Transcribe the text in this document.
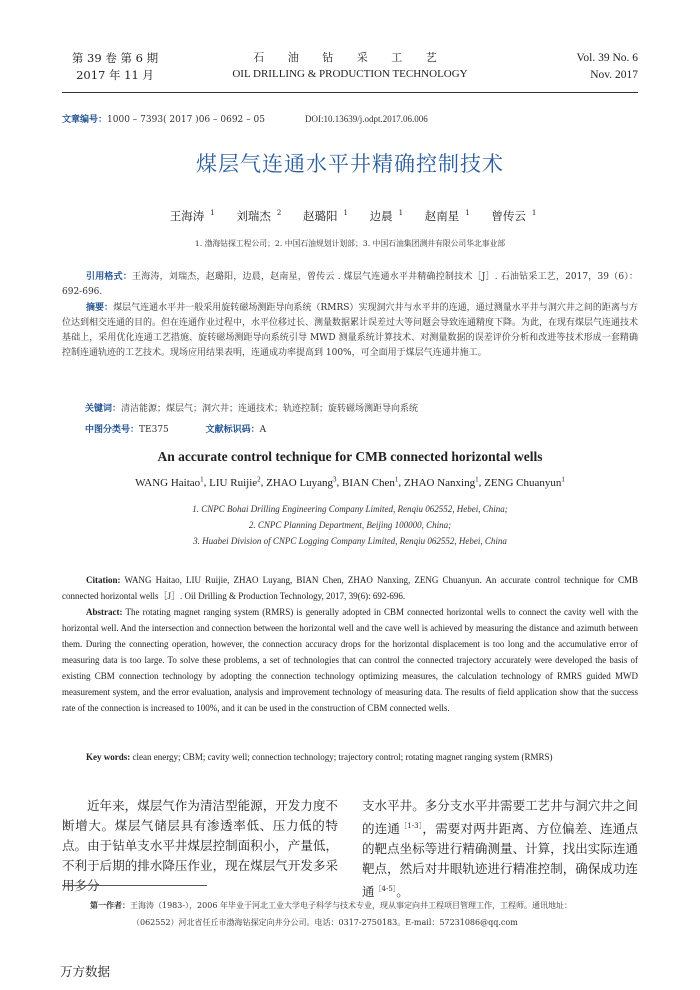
第 39 卷 第 6 期
2017 年 11 月
石 油 钻 采 工 艺
OIL DRILLING & PRODUCTION TECHNOLOGY
Vol. 39 No. 6
Nov. 2017
文章编号：1000 – 7393( 2017 )06 – 0692 – 05	DOI:10.13639/j.odpt.2017.06.006
煤层气连通水平井精确控制技术
王海涛 $^1$ 刘瑞杰 $^2$ 赵璐阳 $^1$ 边晨 $^1$ 赵南星 $^1$ 曾传云 $^1$
1. 渤海钻探工程公司；2. 中国石油规划计划部；3. 中国石油集团测井有限公司华北事业部
引用格式：王海涛，刘瑞杰，赵璐阳，边晨，赵南星，曾传云 . 煤层气连通水平井精确控制技术［J］. 石油钻采工艺，2017，39（6）：692-696.
摘要：煤层气连通水平井一般采用旋转磁场测距导向系统（RMRS）实现洞穴井与水平井的连通，通过测量水平井与洞穴井之间的距离与方位达到相交连通的目的。但在连通作业过程中，水平位移过长、测量数据累计误差过大等问题会导致连通精度下降。为此，在现有煤层气连通技术基础上，采用优化连通工艺措施、旋转磁场测距导向系统引导 MWD 测量系统计算技术、对测量数据的误差评价分析和改进等技术形成一套精确控制连通轨迹的工艺技术。现场应用结果表明，连通成功率提高到 100%，可全面用于煤层气连通井施工。
关键词：清洁能源；煤层气；洞穴井；连通技术；轨迹控制；旋转磁场测距导向系统
中图分类号：TE375	文献标识码：A
An accurate control technique for CMB connected horizontal wells
WANG Haitao$^1$, LIU Ruijie$^2$, ZHAO Luyang$^3$, BIAN Chen$^1$, ZHAO Nanxing$^1$, ZENG Chuanyun$^1$
1. CNPC Bohai Drilling Engineering Company Limited, Renqiu 062552, Hebei, China;
2. CNPC Planning Department, Beijing 100000, China;
3. Huabei Division of CNPC Logging Company Limited, Renqiu 062552, Hebei, China
Citation: WANG Haitao, LIU Ruijie, ZHAO Luyang, BIAN Chen, ZHAO Nanxing, ZENG Chuanyun. An accurate control technique for CMB connected horizontal wells［J］. Oil Drilling & Production Technology, 2017, 39(6): 692-696.
Abstract: The rotating magnet ranging system (RMRS) is generally adopted in CBM connected horizontal wells to connect the cavity well with the horizontal well. And the intersection and connection between the horizontal well and the cave well is achieved by measuring the distance and azimuth between them. During the connecting operation, however, the connection accuracy drops for the horizontal displacement is too long and the accumulative error of measuring data is too large. To solve these problems, a set of technologies that can control the connected trajectory accurately were developed the basis of existing CBM connection technology by adopting the connection technology optimizing measures, the calculation technology of RMRS guided MWD measurement system, and the error evaluation, analysis and improvement technology of measuring data. The results of field application show that the success rate of the connection is increased to 100%, and it can be used in the construction of CBM connected wells.
Key words: clean energy; CBM; cavity well; connection technology; trajectory control; rotating magnet ranging system (RMRS)
近年来，煤层气作为清洁型能源，开发力度不断增大。煤层气储层具有渗透率低、压力低的特点。由于钻单支水平井煤层控制面积小，产量低，不利于后期的排水降压作业，现在煤层气开发多采用多分
支水平井。多分支水平井需要工艺井与洞穴井之间的连通$^{[1-3]}$，需要对两井距离、方位偏差、连通点的靶点坐标等进行精确测量、计算，找出实际连通靶点，然后对井眼轨迹进行精准控制，确保成功连通$^{[4-5]}$。
第一作者：王海涛（1983-），2006 年毕业于河北工业大学电子科学与技术专业，现从事定向井工程项目管理工作，工程师。通讯地址：
（062552）河北省任丘市渤海钻探定向井分公司。电话：0317-2750183。E-mail：57231086@qq.com
万方数据
